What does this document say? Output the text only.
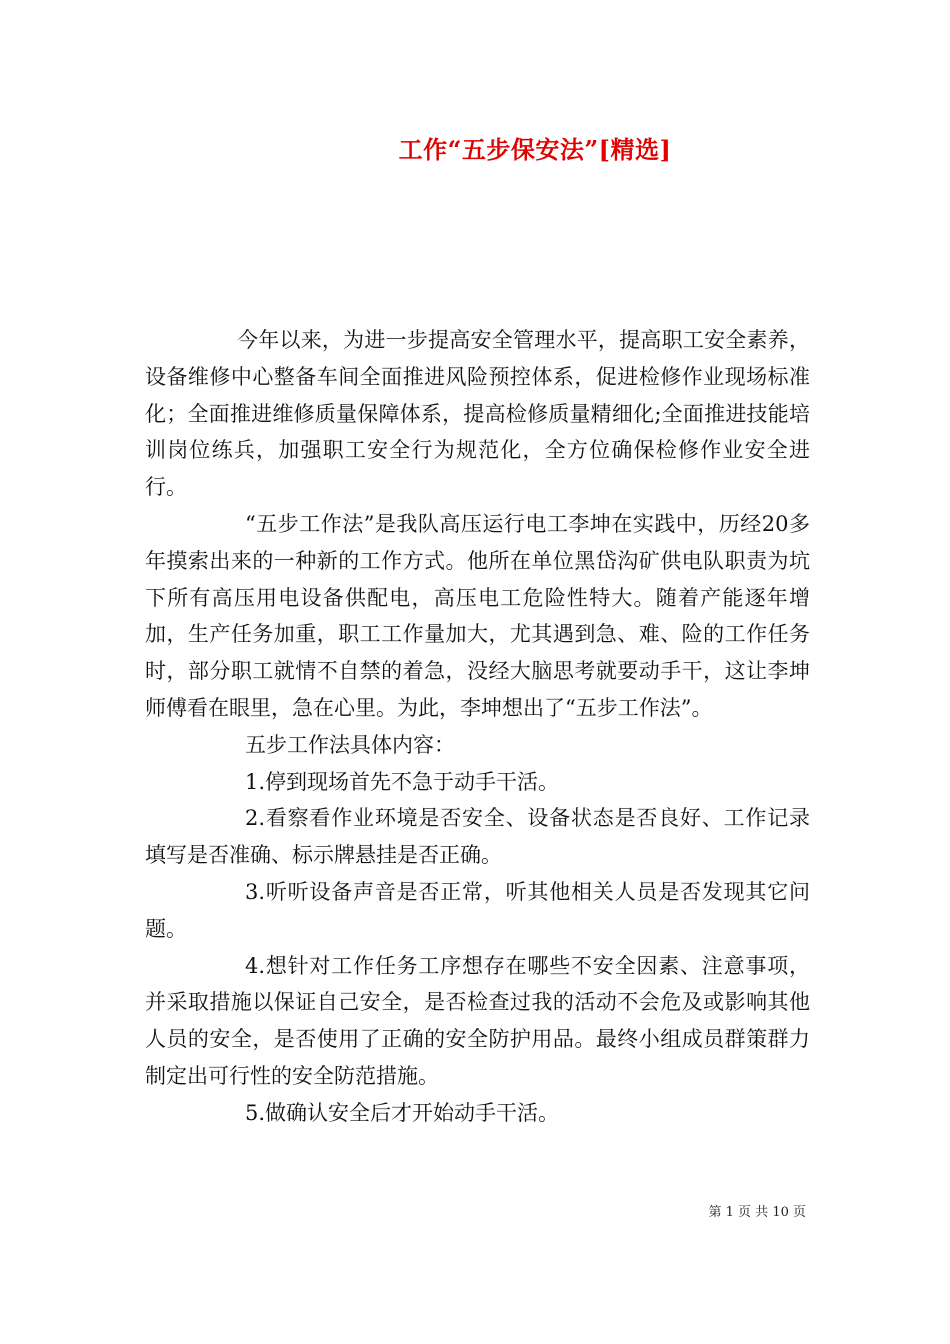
工作“五步保安法”[精选]

今年以来，为进一步提高安全管理水平，提高职工安全素养，设备维修中心整备车间全面推进风险预控体系，促进检修作业现场标准化；全面推进维修质量保障体系，提高检修质量精细化;全面推进技能培训岗位练兵，加强职工安全行为规范化，全方位确保检修作业安全进行。

“五步工作法”是我队高压运行电工李坤在实践中，历经20多年摸索出来的一种新的工作方式。他所在单位黑岱沟矿供电队职责为坑下所有高压用电设备供配电，高压电工危险性特大。随着产能逐年增加，生产任务加重，职工工作量加大，尤其遇到急、难、险的工作任务时，部分职工就情不自禁的着急，没经大脑思考就要动手干，这让李坤师傅看在眼里，急在心里。为此，李坤想出了“五步工作法”。

五步工作法具体内容：

1.停到现场首先不急于动手干活。

2.看察看作业环境是否安全、设备状态是否良好、工作记录填写是否准确、标示牌悬挂是否正确。

3.听听设备声音是否正常，听其他相关人员是否发现其它问题。

4.想针对工作任务工序想存在哪些不安全因素、注意事项，并采取措施以保证自己安全，是否检查过我的活动不会危及或影响其他人员的安全，是否使用了正确的安全防护用品。最终小组成员群策群力制定出可行性的安全防范措施。

5.做确认安全后才开始动手干活。

第 1 页 共 10 页
